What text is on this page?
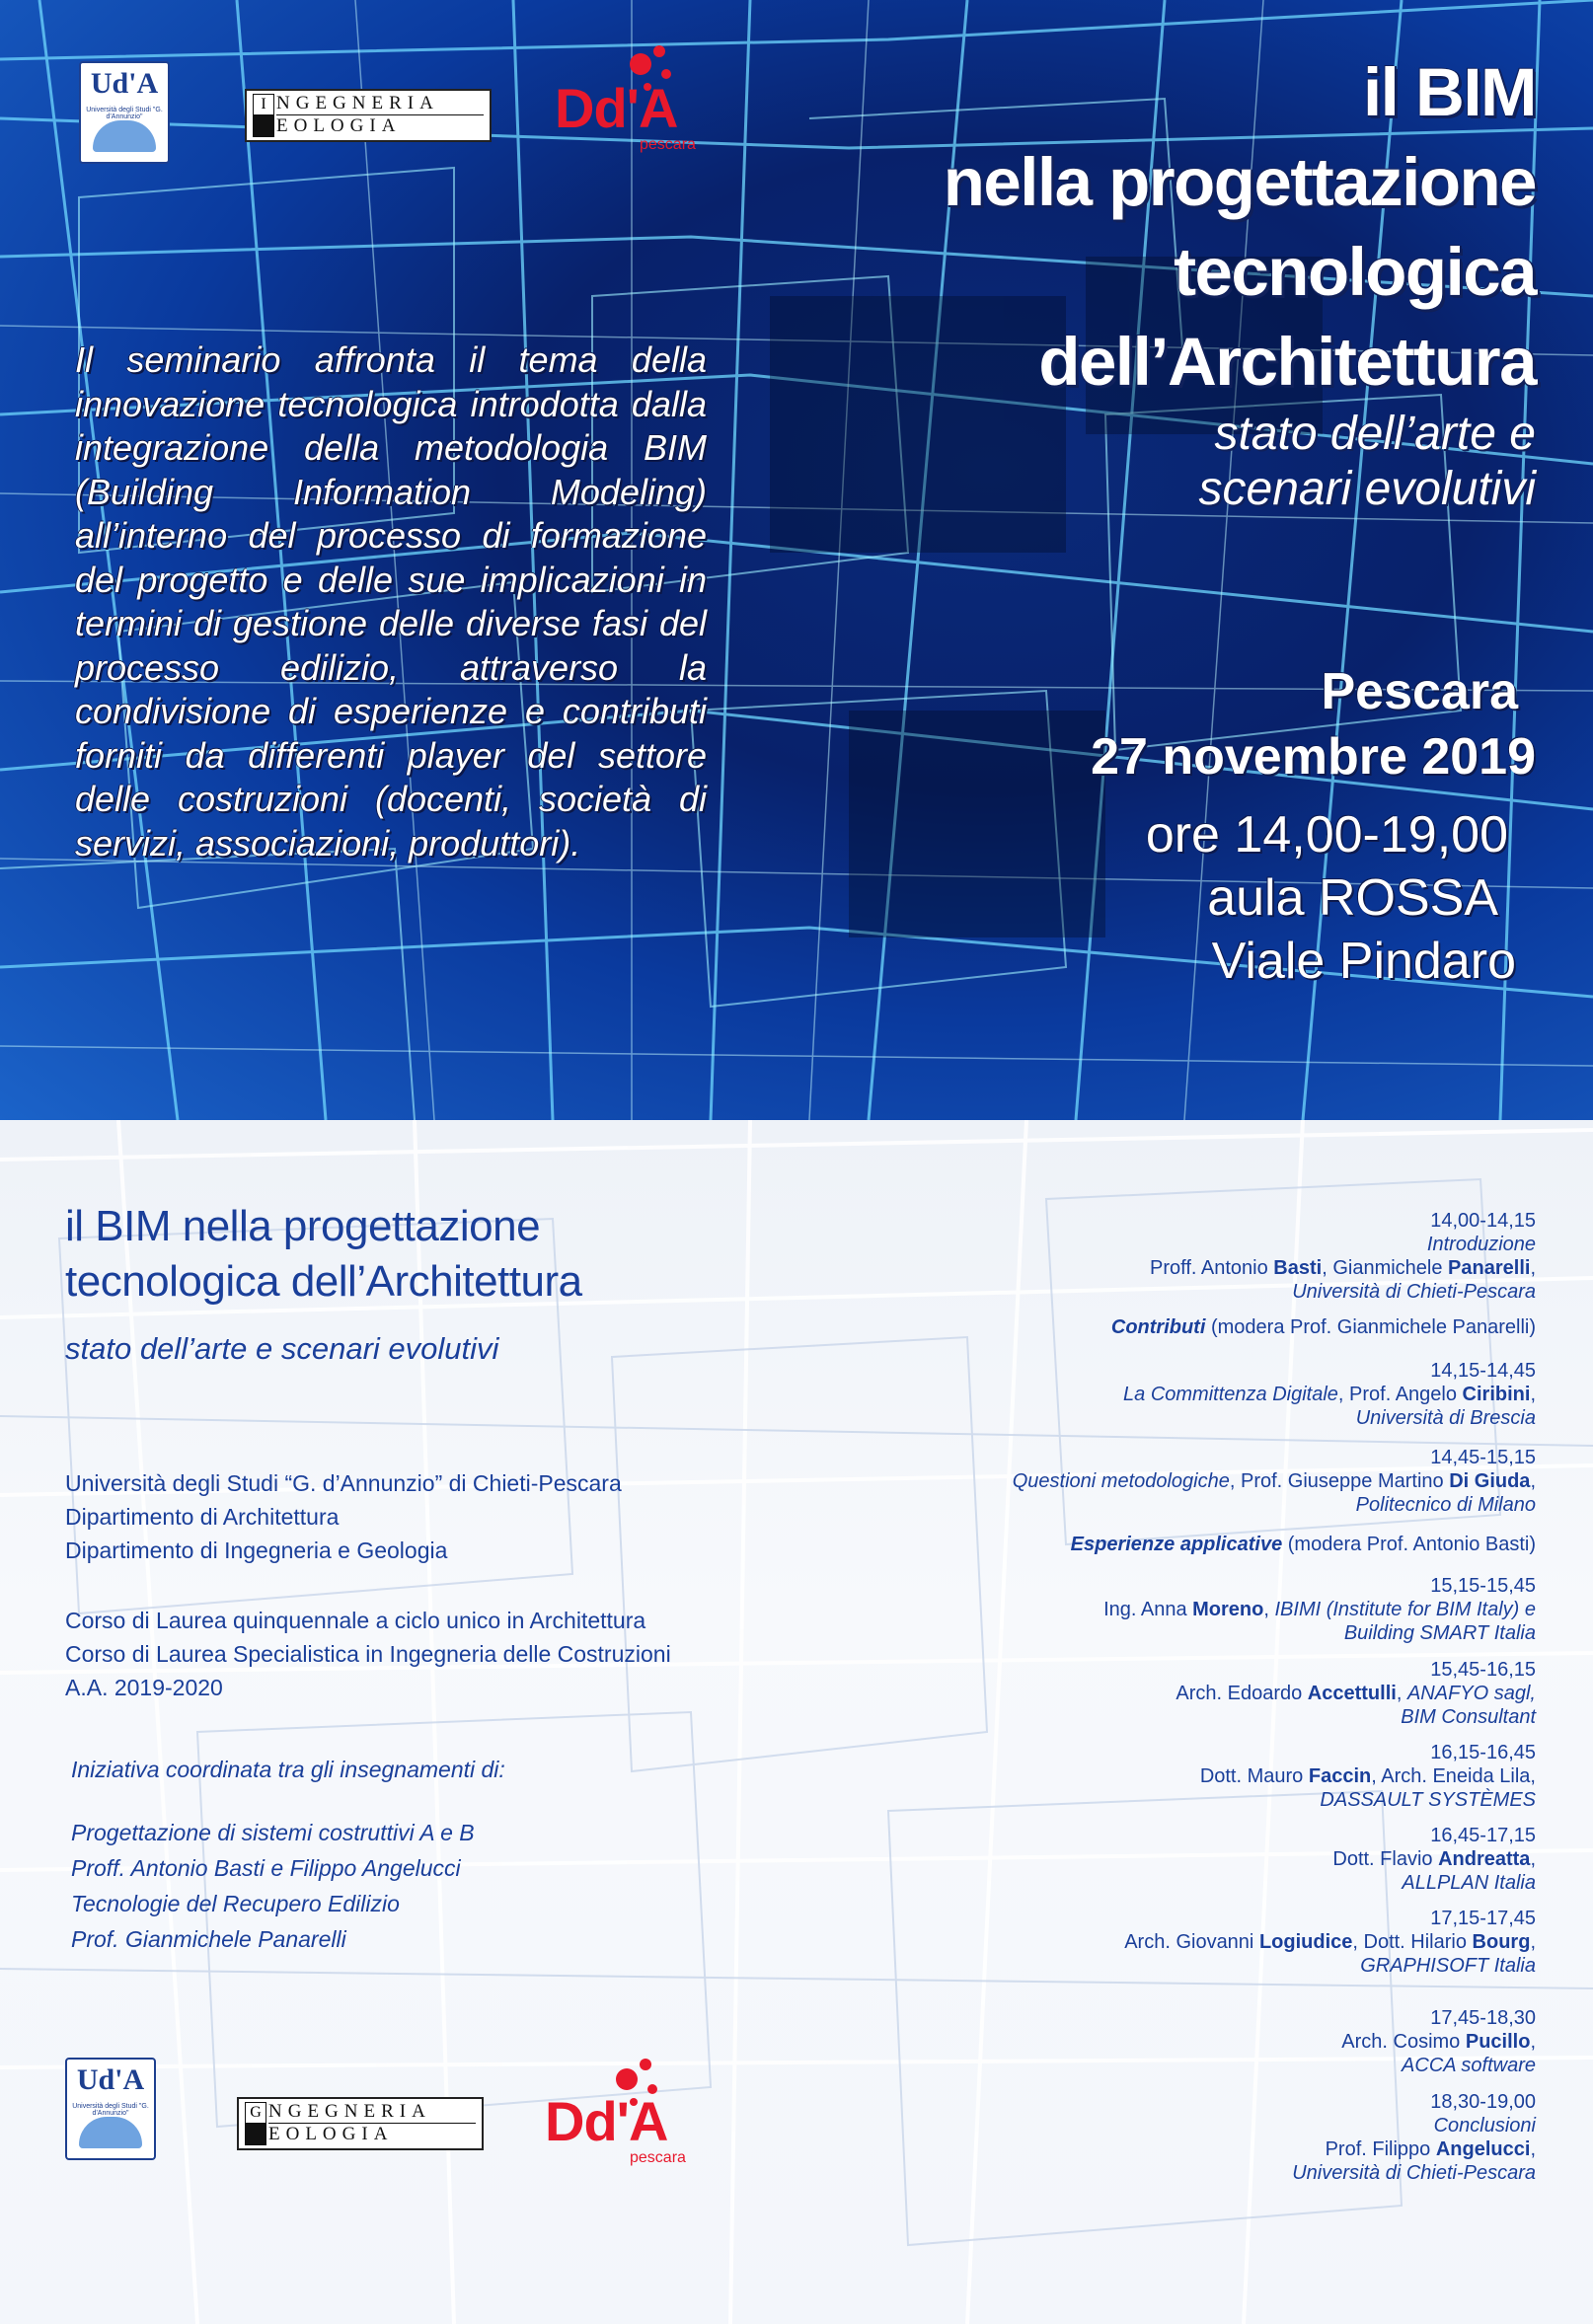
Ud'A
Università degli Studi "G. d'Annunzio"
I NGEGNERIA
EOLOGIA	Dd'A
pescara

il BIM

nella progettazione

tecnologica

dell’Architettura

stato dell’arte e

scenari evolutivi

Pescara

27 novembre 2019

ore 14,00-19,00

aula ROSSA

Viale Pindaro

Il seminario affronta il tema della innovazione tecnologica introdotta dalla integrazione della metodologia BIM (Building Information Modeling) all’interno del processo di formazione del progetto e delle sue implicazioni in termini di gestione delle diverse fasi del processo edilizio, attraverso la condivisione di esperienze e contributi forniti da differenti player del settore delle costruzioni (docenti, società di servizi, associazioni, produttori).

il BIM nella progettazione

tecnologica dell’Architettura

stato dell’arte e scenari evolutivi

Università degli Studi “G. d’Annunzio” di Chieti-Pescara

Dipartimento di Architettura

Dipartimento di Ingegneria e Geologia

Corso di Laurea quinquennale a ciclo unico in Architettura

Corso di Laurea Specialistica in Ingegneria delle Costruzioni

A.A. 2019-2020

Iniziativa coordinata tra gli insegnamenti di:

Progettazione di sistemi costruttivi A e B

Proff. Antonio Basti e Filippo Angelucci

Tecnologie del Recupero Edilizio

Prof. Gianmichele Panarelli

Ud'A
Università degli Studi "G. d'Annunzio"	G NGEGNERIA
EOLOGIA	Dd'A
pescara

14,00-14,15

Introduzione

Proff. Antonio Basti, Gianmichele Panarelli,

Università di Chieti-Pescara

Contributi (modera Prof. Gianmichele Panarelli)

14,15-14,45

La Committenza Digitale, Prof. Angelo Ciribini,

Università di Brescia

14,45-15,15

Questioni metodologiche, Prof. Giuseppe Martino Di Giuda,

Politecnico di Milano

Esperienze applicative (modera Prof. Antonio Basti)

15,15-15,45

Ing. Anna Moreno, IBIMI (Institute for BIM Italy) e

Building SMART Italia

15,45-16,15

Arch. Edoardo Accettulli, ANAFYO sagl,

BIM Consultant

16,15-16,45

Dott. Mauro Faccin, Arch. Eneida Lila,

DASSAULT SYSTÈMES

16,45-17,15

Dott. Flavio Andreatta,

ALLPLAN Italia

17,15-17,45

Arch. Giovanni Logiudice, Dott. Hilario Bourg,

GRAPHISOFT Italia

17,45-18,30

Arch. Cosimo Pucillo,

ACCA software

18,30-19,00

Conclusioni

Prof. Filippo Angelucci,

Università di Chieti-Pescara
